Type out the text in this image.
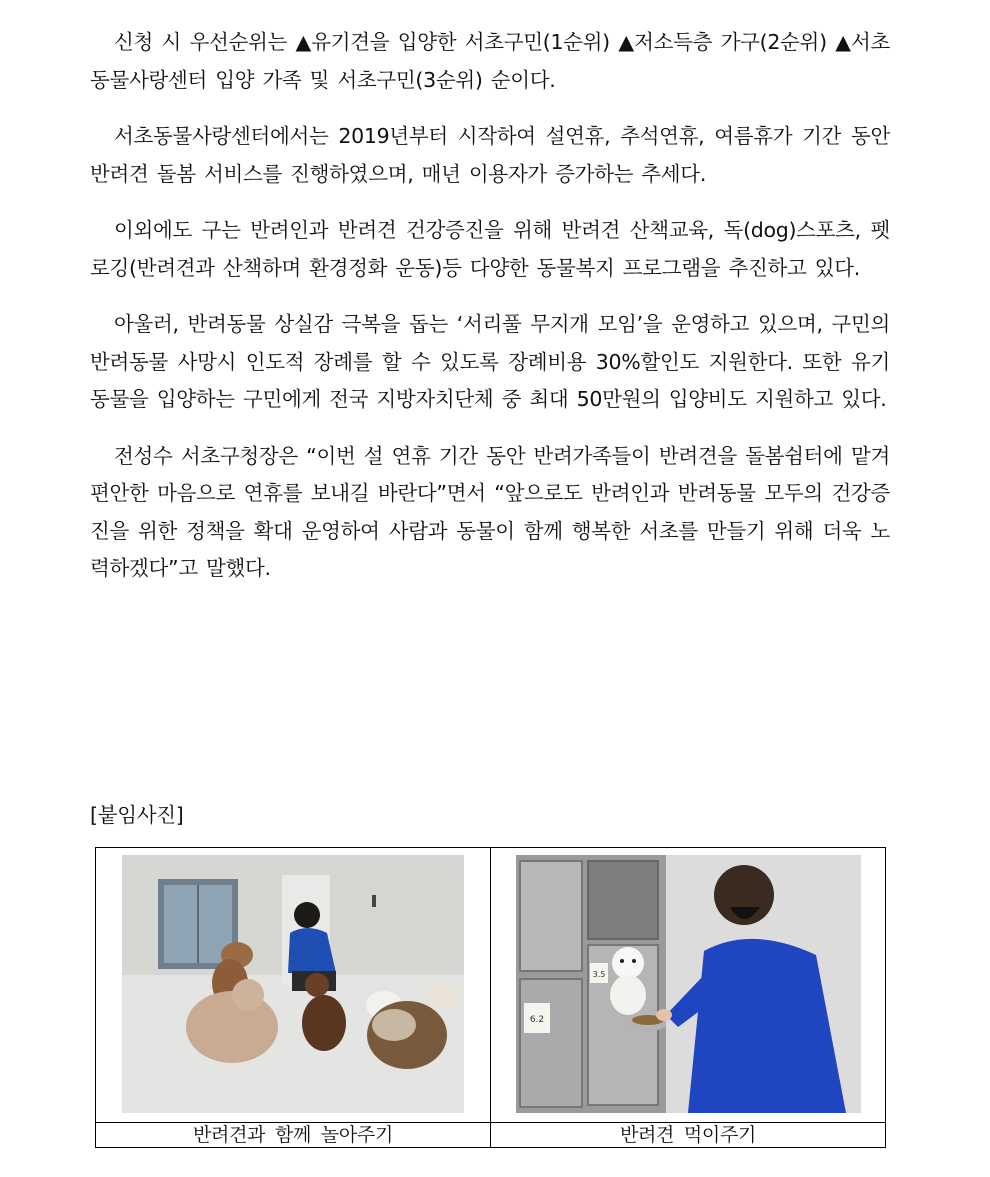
신청 시 우선순위는 ▲유기견을 입양한 서초구민(1순위) ▲저소득층 가구(2순위) ▲서초동물사랑센터 입양 가족 및 서초구민(3순위) 순이다.

서초동물사랑센터에서는 2019년부터 시작하여 설연휴, 추석연휴, 여름휴가 기간 동안 반려견 돌봄 서비스를 진행하였으며, 매년 이용자가 증가하는 추세다.

이외에도 구는 반려인과 반려견 건강증진을 위해 반려견 산책교육, 독(dog)스포츠, 펫로깅(반려견과 산책하며 환경정화 운동)등 다양한 동물복지 프로그램을 추진하고 있다.

아울러, 반려동물 상실감 극복을 돕는 ‘서리풀 무지개 모임’을 운영하고 있으며, 구민의 반려동물 사망시 인도적 장례를 할 수 있도록 장례비용 30%할인도 지원한다. 또한 유기동물을 입양하는 구민에게 전국 지방자치단체 중 최대 50만원의 입양비도 지원하고 있다.

전성수 서초구청장은 “이번 설 연휴 기간 동안 반려가족들이 반려견을 돌봄쉼터에 맡겨 편안한 마음으로 연휴를 보내길 바란다”면서 “앞으로도 반려인과 반려동물 모두의 건강증진을 위한 정책을 확대 운영하여 사람과 동물이 함께 행복한 서초를 만들기 위해 더욱 노력하겠다”고 말했다.

[붙임사진]

3.5
6.2

반려견과 함께 놀아주기	반려견 먹이주기
